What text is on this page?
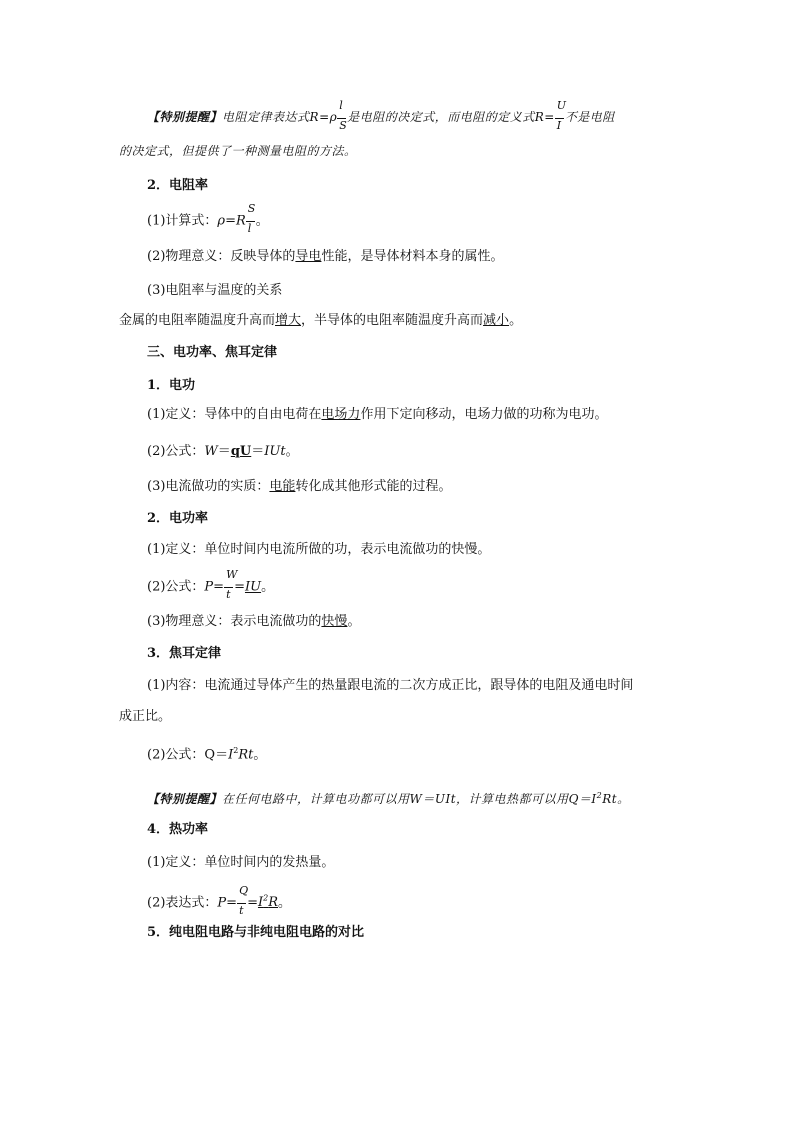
【特别提醒】电阻定律表达式$R=\rho \frac{l}{S}$ 是电阻的决定式，而电阻的定义式$R= \frac{U}{I}$ 不是电阻
的决定式，但提供了一种测量电阻的方法。
2．电阻率
(1)计算式：$\rho=R \frac{S}{l}$ 。
(2)物理意义：反映导体的导电性能，是导体材料本身的属性。
(3)电阻率与温度的关系
金属的电阻率随温度升高而增大，半导体的电阻率随温度升高而减小。
三、电功率、焦耳定律
1．电功
(1)定义：导体中的自由电荷在电场力作用下定向移动，电场力做的功称为电功。
(2)公式：W＝qU＝IUt。
(3)电流做功的实质：电能转化成其他形式能的过程。
2．电功率
(1)定义：单位时间内电流所做的功，表示电流做功的快慢。
(2)公式：$P= \frac{W}{t} =IU$。
(3)物理意义：表示电流做功的快慢。
3．焦耳定律
(1)内容：电流通过导体产生的热量跟电流的二次方成正比，跟导体的电阻及通电时间
成正比。
(2)公式：$Q=I^2Rt$。
【特别提醒】在任何电路中，计算电功都可以用W＝UIt，计算电热都可以用$Q=I^2Rt$。
4．热功率
(1)定义：单位时间内的发热量。
(2)表达式：$P= \frac{Q}{t} =I^2R$。
5．纯电阻电路与非纯电阻电路的对比
